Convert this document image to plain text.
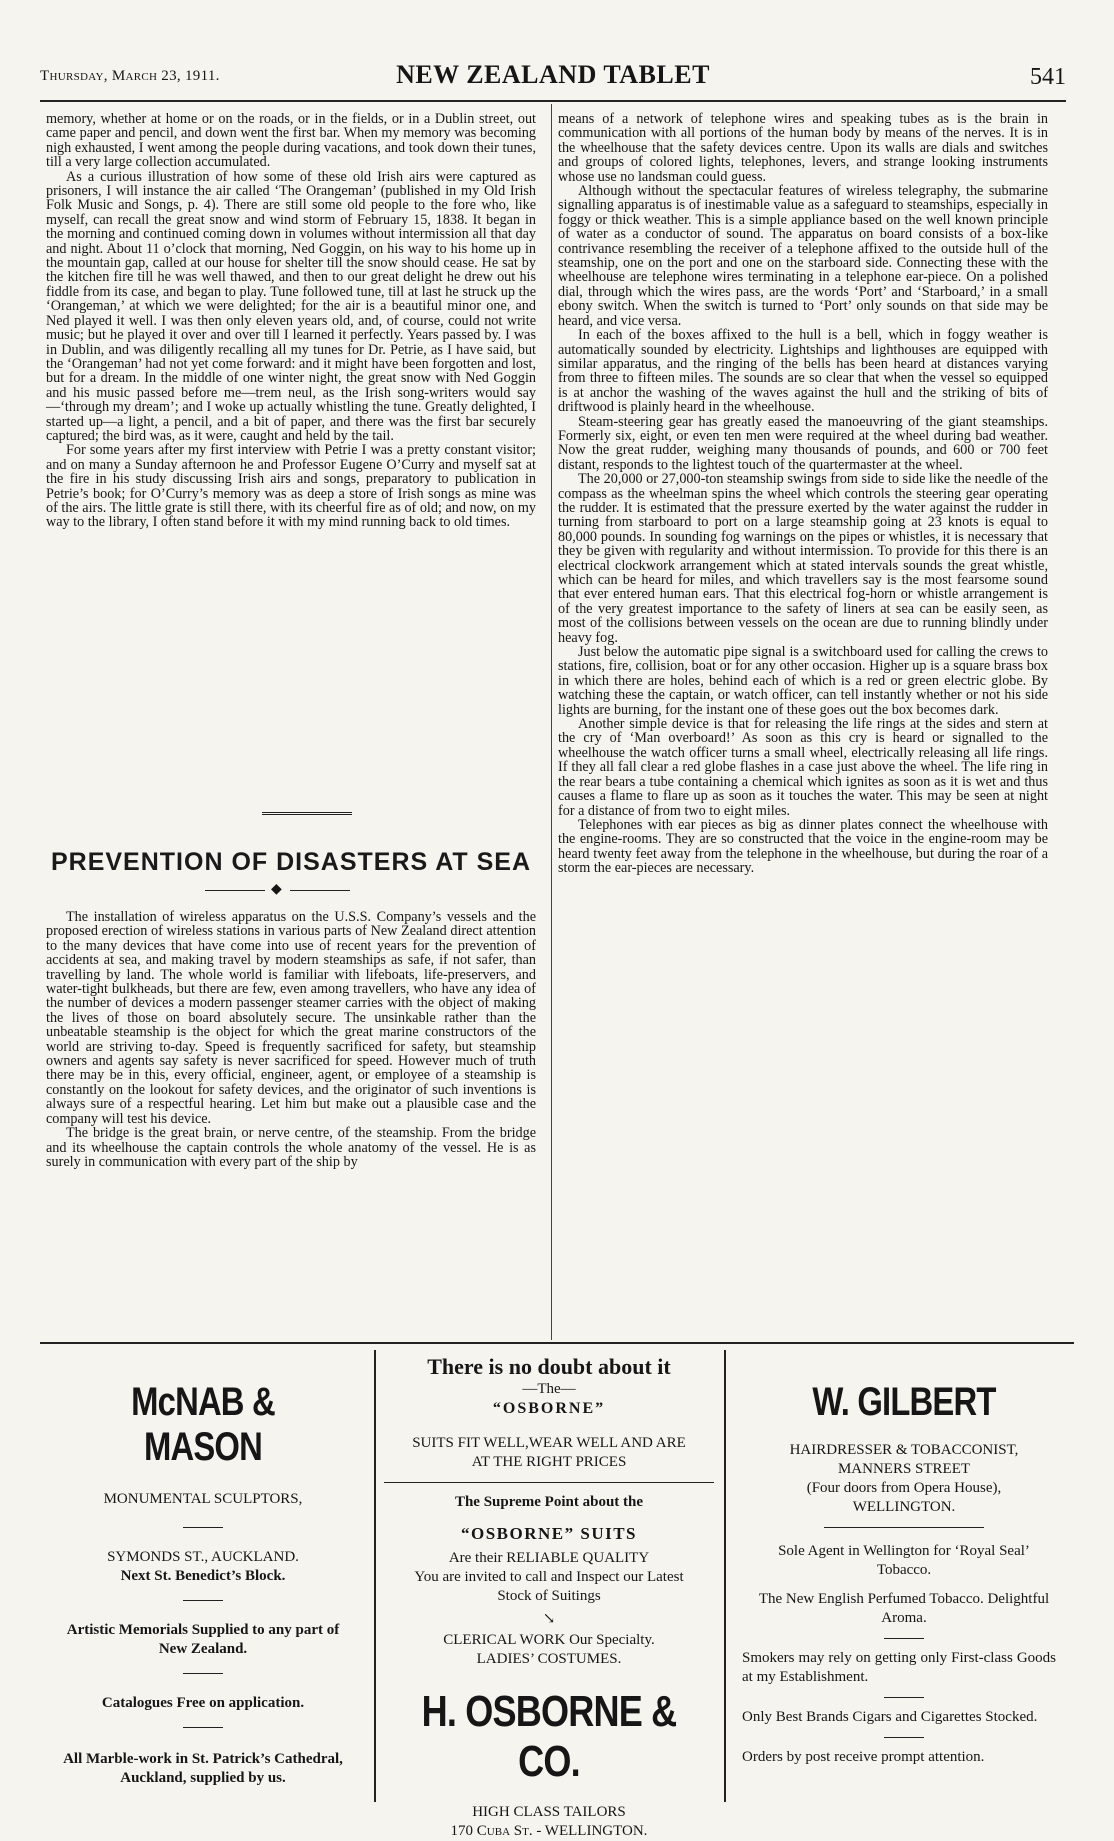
Thursday, March 23, 1911.	NEW ZEALAND TABLET	541

memory, whether at home or on the roads, or in the fields, or in a Dublin street, out came paper and pencil, and down went the first bar. When my memory was becoming nigh exhausted, I went among the people during vacations, and took down their tunes, till a very large collection accumulated.

As a curious illustration of how some of these old Irish airs were captured as prisoners, I will instance the air called ‘The Orangeman’ (published in my Old Irish Folk Music and Songs, p. 4). There are still some old people to the fore who, like myself, can recall the great snow and wind storm of February 15, 1838. It began in the morning and continued coming down in volumes without intermission all that day and night. About 11 o’clock that morning, Ned Goggin, on his way to his home up in the mountain gap, called at our house for shelter till the snow should cease. He sat by the kitchen fire till he was well thawed, and then to our great delight he drew out his fiddle from its case, and began to play. Tune followed tune, till at last he struck up the ‘Orangeman,’ at which we were delighted; for the air is a beautiful minor one, and Ned played it well. I was then only eleven years old, and, of course, could not write music; but he played it over and over till I learned it perfectly. Years passed by. I was in Dublin, and was diligently recalling all my tunes for Dr. Petrie, as I have said, but the ‘Orangeman’ had not yet come forward: and it might have been forgotten and lost, but for a dream. In the middle of one winter night, the great snow with Ned Goggin and his music passed before me—trem neul, as the Irish song-writers would say —‘through my dream’; and I woke up actually whistling the tune. Greatly delighted, I started up—a light, a pencil, and a bit of paper, and there was the first bar securely captured; the bird was, as it were, caught and held by the tail.

For some years after my first interview with Petrie I was a pretty constant visitor; and on many a Sunday afternoon he and Professor Eugene O’Curry and myself sat at the fire in his study discussing Irish airs and songs, preparatory to publication in Petrie’s book; for O’Curry’s memory was as deep a store of Irish songs as mine was of the airs. The little grate is still there, with its cheerful fire as of old; and now, on my way to the library, I often stand before it with my mind running back to old times.

PREVENTION OF DISASTERS AT SEA
◆

The installation of wireless apparatus on the U.S.S. Company’s vessels and the proposed erection of wireless stations in various parts of New Zealand direct attention to the many devices that have come into use of recent years for the prevention of accidents at sea, and making travel by modern steamships as safe, if not safer, than travelling by land. The whole world is familiar with lifeboats, life-preservers, and water-tight bulkheads, but there are few, even among travellers, who have any idea of the number of devices a modern passenger steamer carries with the object of making the lives of those on board absolutely secure. The unsinkable rather than the unbeatable steamship is the object for which the great marine constructors of the world are striving to-day. Speed is frequently sacrificed for safety, but steamship owners and agents say safety is never sacrificed for speed. However much of truth there may be in this, every official, engineer, agent, or employee of a steamship is constantly on the lookout for safety devices, and the originator of such inventions is always sure of a respectful hearing. Let him but make out a plausible case and the company will test his device.

The bridge is the great brain, or nerve centre, of the steamship. From the bridge and its wheelhouse the captain controls the whole anatomy of the vessel. He is as surely in communication with every part of the ship by

means of a network of telephone wires and speaking tubes as is the brain in communication with all portions of the human body by means of the nerves. It is in the wheelhouse that the safety devices centre. Upon its walls are dials and switches and groups of colored lights, telephones, levers, and strange looking instruments whose use no landsman could guess.

Although without the spectacular features of wireless telegraphy, the submarine signalling apparatus is of inestimable value as a safeguard to steamships, especially in foggy or thick weather. This is a simple appliance based on the well known principle of water as a conductor of sound. The apparatus on board consists of a box-like contrivance resembling the receiver of a telephone affixed to the outside hull of the steamship, one on the port and one on the starboard side. Connecting these with the wheelhouse are telephone wires terminating in a telephone ear-piece. On a polished dial, through which the wires pass, are the words ‘Port’ and ‘Starboard,’ in a small ebony switch. When the switch is turned to ‘Port’ only sounds on that side may be heard, and vice versa.

In each of the boxes affixed to the hull is a bell, which in foggy weather is automatically sounded by electricity. Lightships and lighthouses are equipped with similar apparatus, and the ringing of the bells has been heard at distances varying from three to fifteen miles. The sounds are so clear that when the vessel so equipped is at anchor the washing of the waves against the hull and the striking of bits of driftwood is plainly heard in the wheelhouse.

Steam-steering gear has greatly eased the manoeuvring of the giant steamships. Formerly six, eight, or even ten men were required at the wheel during bad weather. Now the great rudder, weighing many thousands of pounds, and 600 or 700 feet distant, responds to the lightest touch of the quartermaster at the wheel.

The 20,000 or 27,000-ton steamship swings from side to side like the needle of the compass as the wheelman spins the wheel which controls the steering gear operating the rudder. It is estimated that the pressure exerted by the water against the rudder in turning from starboard to port on a large steamship going at 23 knots is equal to 80,000 pounds. In sounding fog warnings on the pipes or whistles, it is necessary that they be given with regularity and without intermission. To provide for this there is an electrical clockwork arrangement which at stated intervals sounds the great whistle, which can be heard for miles, and which travellers say is the most fearsome sound that ever entered human ears. That this electrical fog-horn or whistle arrangement is of the very greatest importance to the safety of liners at sea can be easily seen, as most of the collisions between vessels on the ocean are due to running blindly under heavy fog.

Just below the automatic pipe signal is a switchboard used for calling the crews to stations, fire, collision, boat or for any other occasion. Higher up is a square brass box in which there are holes, behind each of which is a red or green electric globe. By watching these the captain, or watch officer, can tell instantly whether or not his side lights are burning, for the instant one of these goes out the box becomes dark.

Another simple device is that for releasing the life rings at the sides and stern at the cry of ‘Man overboard!’ As soon as this cry is heard or signalled to the wheelhouse the watch officer turns a small wheel, electrically releasing all life rings. If they all fall clear a red globe flashes in a case just above the wheel. The life ring in the rear bears a tube containing a chemical which ignites as soon as it is wet and thus causes a flame to flare up as soon as it touches the water. This may be seen at night for a distance of from two to eight miles.

Telephones with ear pieces as big as dinner plates connect the wheelhouse with the engine-rooms. They are so constructed that the voice in the engine-room may be heard twenty feet away from the telephone in the wheelhouse, but during the roar of a storm the ear-pieces are necessary.

McNAB & MASON

MONUMENTAL SCULPTORS,

SYMONDS ST., AUCKLAND.

Next St. Benedict’s Block.

Artistic Memorials Supplied to any part of New Zealand.

Catalogues Free on application.

All Marble-work in St. Patrick’s Cathedral, Auckland, supplied by us.

There is no doubt about it

—The—

“OSBORNE”

SUITS FIT WELL,WEAR WELL AND ARE AT THE RIGHT PRICES

The Supreme Point about the

“OSBORNE” SUITS

Are their RELIABLE QUALITY

You are invited to call and Inspect our Latest Stock of Suitings

↘

CLERICAL WORK Our Specialty.

LADIES’ COSTUMES.

H. OSBORNE & CO.

HIGH CLASS TAILORS

170 Cuba St. - WELLINGTON.

W. GILBERT

HAIRDRESSER & TOBACCONIST,

MANNERS STREET

(Four doors from Opera House),

WELLINGTON.

Sole Agent in Wellington for ‘Royal Seal’ Tobacco.

The New English Perfumed Tobacco. Delightful Aroma.

Smokers may rely on getting only First-class Goods at my Establishment.

Only Best Brands Cigars and Cigarettes Stocked.

Orders by post receive prompt attention.
